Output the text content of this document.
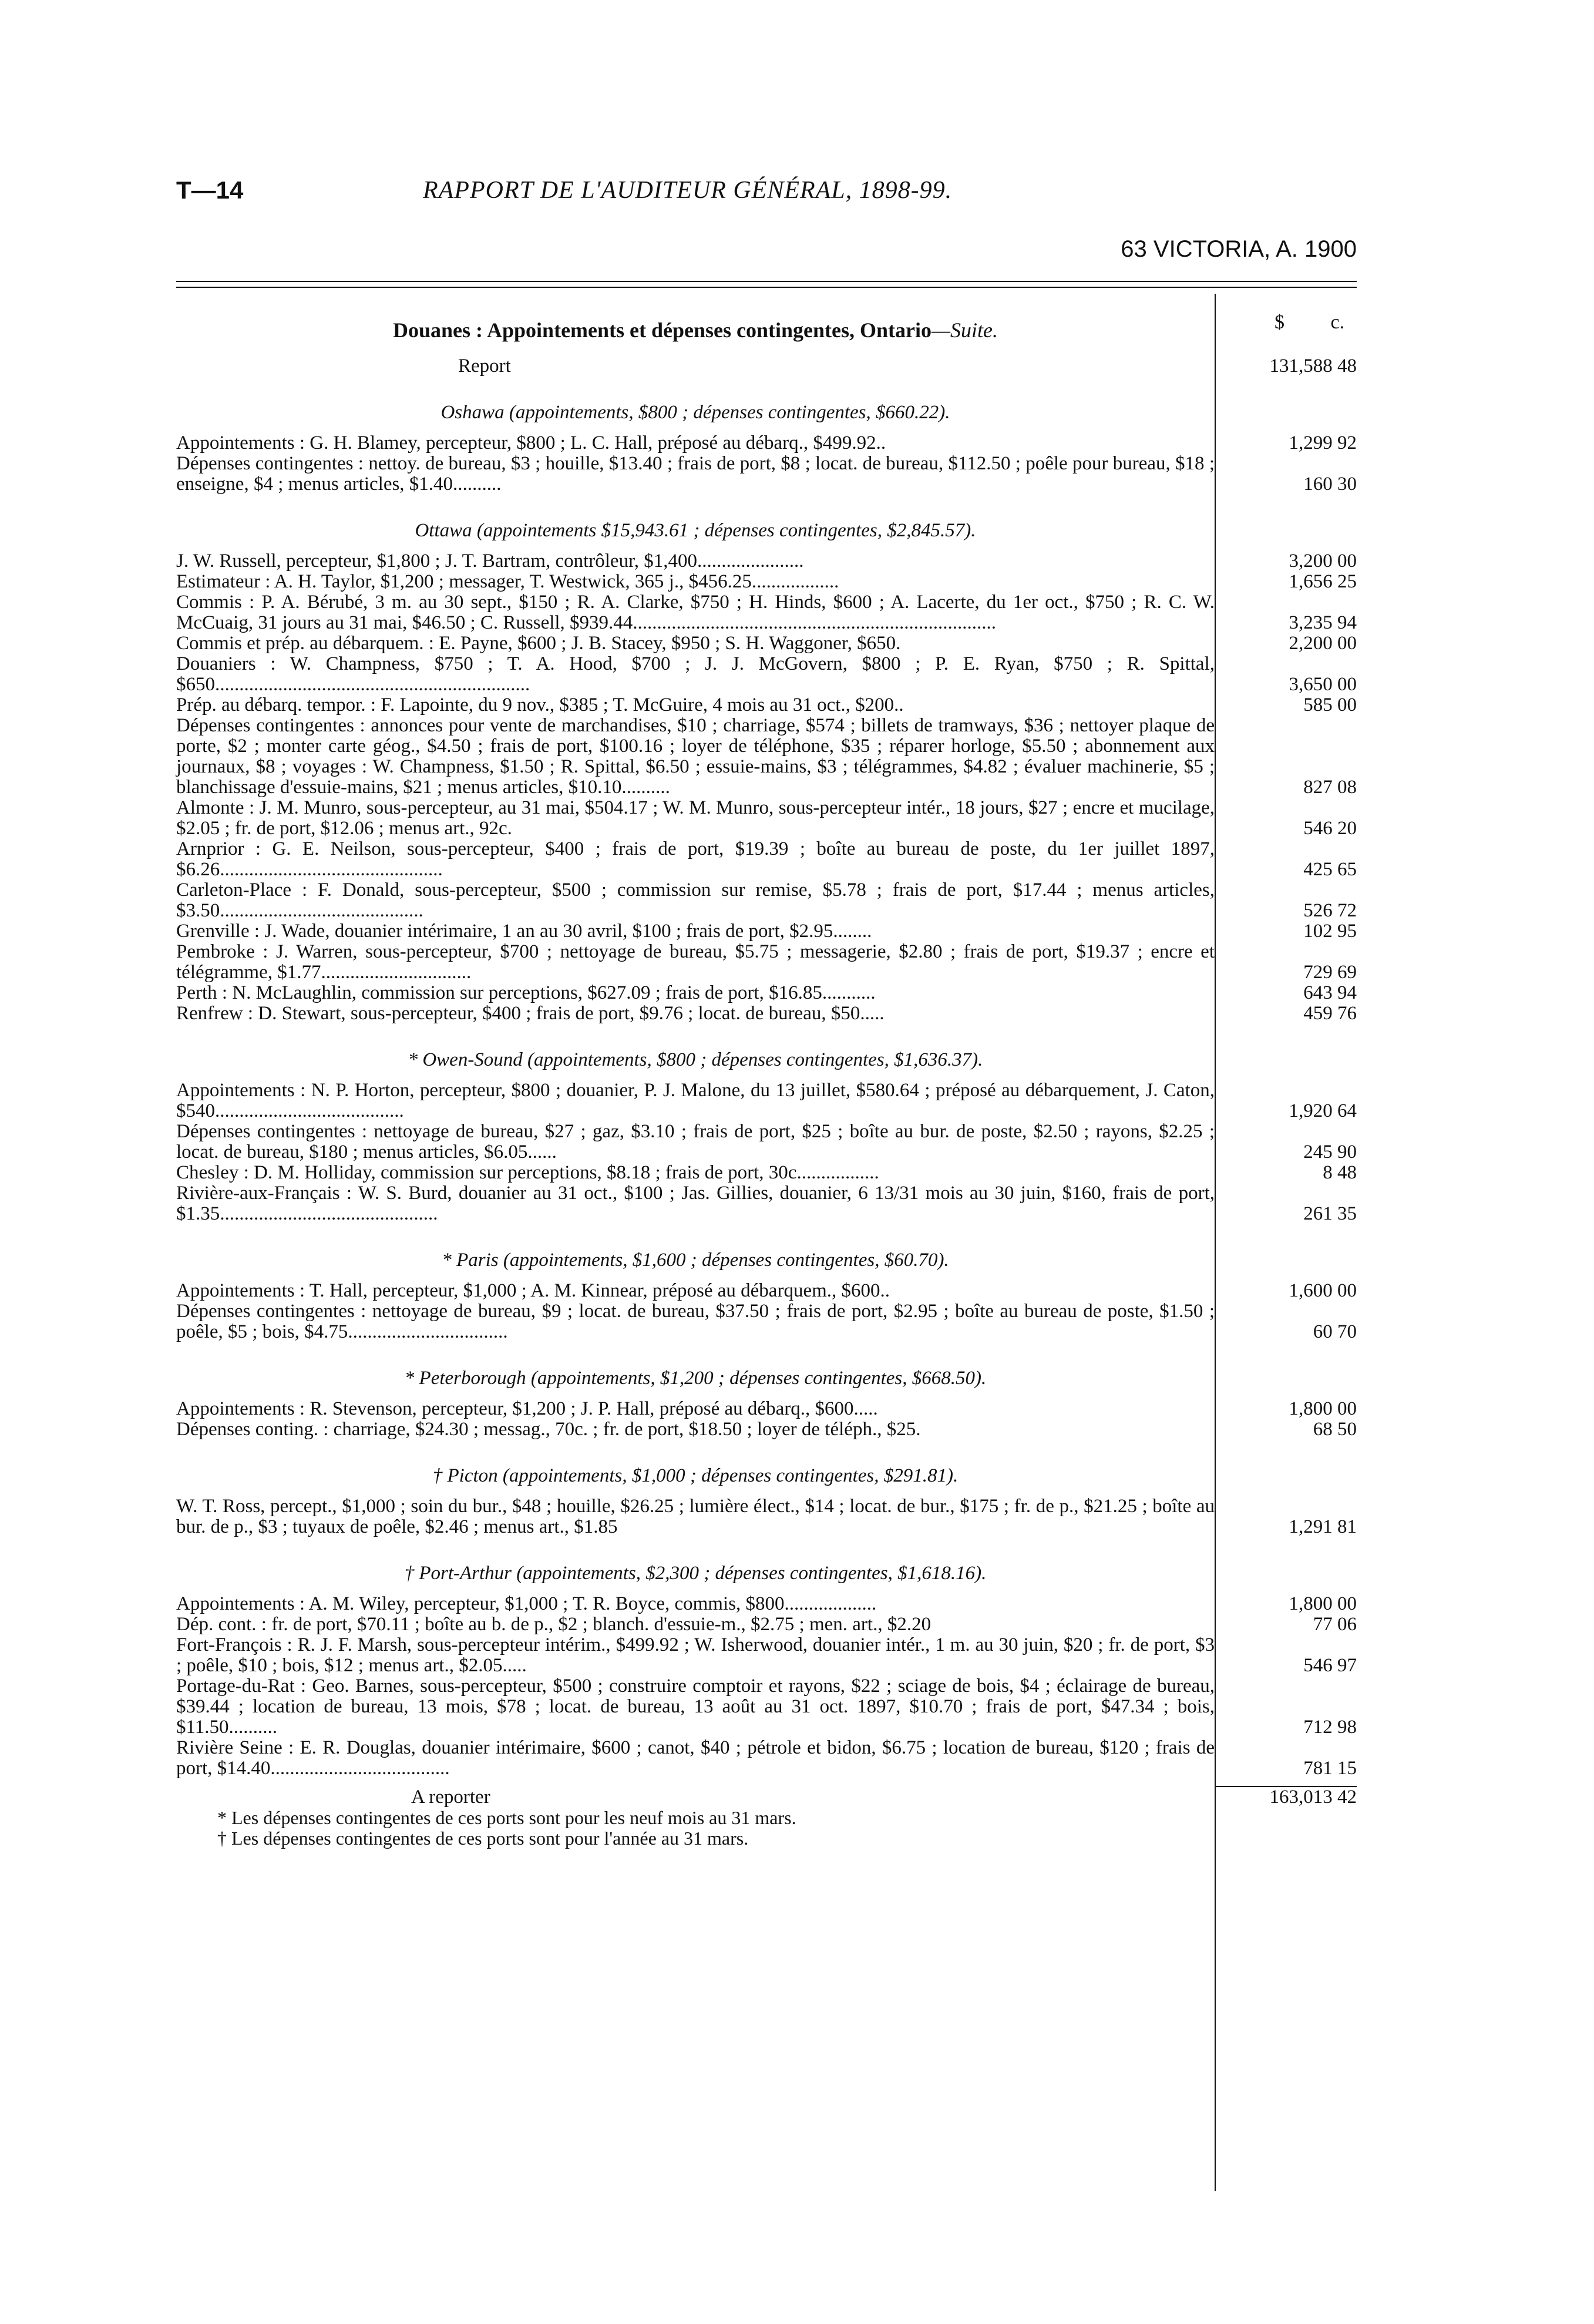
T—14	RAPPORT DE L'AUDITEUR GÉNÉRAL, 1898-99.
63 VICTORIA, A. 1900
$ c.
Douanes : Appointements et dépenses contingentes, Ontario—Suite.
Report	131,588 48
Oshawa (appointements, $800 ; dépenses contingentes, $660.22).
Appointements : G. H. Blamey, percepteur, $800 ; L. C. Hall, préposé au débarq., $499.92..	1,299 92
Dépenses contingentes : nettoy. de bureau, $3 ; houille, $13.40 ; frais de port, $8 ; locat. de bureau, $112.50 ; poêle pour bureau, $18 ; enseigne, $4 ; menus articles, $1.40..........	160 30
Ottawa (appointements $15,943.61 ; dépenses contingentes, $2,845.57).
J. W. Russell, percepteur, $1,800 ; J. T. Bartram, contrôleur, $1,400......................	3,200 00
Estimateur : A. H. Taylor, $1,200 ; messager, T. Westwick, 365 j., $456.25..................	1,656 25
Commis : P. A. Bérubé, 3 m. au 30 sept., $150 ; R. A. Clarke, $750 ; H. Hinds, $600 ; A. Lacerte, du 1er oct., $750 ; R. C. W. McCuaig, 31 jours au 31 mai, $46.50 ; C. Russell, $939.44...........................................................................	3,235 94
Commis et prép. au débarquem. : E. Payne, $600 ; J. B. Stacey, $950 ; S. H. Waggoner, $650.	2,200 00
Douaniers : W. Champness, $750 ; T. A. Hood, $700 ; J. J. McGovern, $800 ; P. E. Ryan, $750 ; R. Spittal, $650.................................................................	3,650 00
Prép. au débarq. tempor. : F. Lapointe, du 9 nov., $385 ; T. McGuire, 4 mois au 31 oct., $200..	585 00
Dépenses contingentes : annonces pour vente de marchandises, $10 ; charriage, $574 ; billets de tramways, $36 ; nettoyer plaque de porte, $2 ; monter carte géog., $4.50 ; frais de port, $100.16 ; loyer de téléphone, $35 ; réparer horloge, $5.50 ; abonnement aux journaux, $8 ; voyages : W. Champness, $1.50 ; R. Spittal, $6.50 ; essuie-mains, $3 ; télégrammes, $4.82 ; évaluer machinerie, $5 ; blanchissage d'essuie-mains, $21 ; menus articles, $10.10..........	827 08
Almonte : J. M. Munro, sous-percepteur, au 31 mai, $504.17 ; W. M. Munro, sous-percepteur intér., 18 jours, $27 ; encre et mucilage, $2.05 ; fr. de port, $12.06 ; menus art., 92c.	546 20
Arnprior : G. E. Neilson, sous-percepteur, $400 ; frais de port, $19.39 ; boîte au bureau de poste, du 1er juillet 1897, $6.26..............................................	425 65
Carleton-Place : F. Donald, sous-percepteur, $500 ; commission sur remise, $5.78 ; frais de port, $17.44 ; menus articles, $3.50..........................................	526 72
Grenville : J. Wade, douanier intérimaire, 1 an au 30 avril, $100 ; frais de port, $2.95........	102 95
Pembroke : J. Warren, sous-percepteur, $700 ; nettoyage de bureau, $5.75 ; messagerie, $2.80 ; frais de port, $19.37 ; encre et télégramme, $1.77...............................	729 69
Perth : N. McLaughlin, commission sur perceptions, $627.09 ; frais de port, $16.85...........	643 94
Renfrew : D. Stewart, sous-percepteur, $400 ; frais de port, $9.76 ; locat. de bureau, $50.....	459 76
* Owen-Sound (appointements, $800 ; dépenses contingentes, $1,636.37).
Appointements : N. P. Horton, percepteur, $800 ; douanier, P. J. Malone, du 13 juillet, $580.64 ; préposé au débarquement, J. Caton, $540.......................................	1,920 64
Dépenses contingentes : nettoyage de bureau, $27 ; gaz, $3.10 ; frais de port, $25 ; boîte au bur. de poste, $2.50 ; rayons, $2.25 ; locat. de bureau, $180 ; menus articles, $6.05......	245 90
Chesley : D. M. Holliday, commission sur perceptions, $8.18 ; frais de port, 30c.................	8 48
Rivière-aux-Français : W. S. Burd, douanier au 31 oct., $100 ; Jas. Gillies, douanier, 6 13/31 mois au 30 juin, $160, frais de port, $1.35.............................................	261 35
* Paris (appointements, $1,600 ; dépenses contingentes, $60.70).
Appointements : T. Hall, percepteur, $1,000 ; A. M. Kinnear, préposé au débarquem., $600..	1,600 00
Dépenses contingentes : nettoyage de bureau, $9 ; locat. de bureau, $37.50 ; frais de port, $2.95 ; boîte au bureau de poste, $1.50 ; poêle, $5 ; bois, $4.75.................................	60 70
* Peterborough (appointements, $1,200 ; dépenses contingentes, $668.50).
Appointements : R. Stevenson, percepteur, $1,200 ; J. P. Hall, préposé au débarq., $600.....	1,800 00
Dépenses conting. : charriage, $24.30 ; messag., 70c. ; fr. de port, $18.50 ; loyer de téléph., $25.	68 50
† Picton (appointements, $1,000 ; dépenses contingentes, $291.81).
W. T. Ross, percept., $1,000 ; soin du bur., $48 ; houille, $26.25 ; lumière élect., $14 ; locat. de bur., $175 ; fr. de p., $21.25 ; boîte au bur. de p., $3 ; tuyaux de poêle, $2.46 ; menus art., $1.85	1,291 81
† Port-Arthur (appointements, $2,300 ; dépenses contingentes, $1,618.16).
Appointements : A. M. Wiley, percepteur, $1,000 ; T. R. Boyce, commis, $800...................	1,800 00
Dép. cont. : fr. de port, $70.11 ; boîte au b. de p., $2 ; blanch. d'essuie-m., $2.75 ; men. art., $2.20	77 06
Fort-François : R. J. F. Marsh, sous-percepteur intérim., $499.92 ; W. Isherwood, douanier intér., 1 m. au 30 juin, $20 ; fr. de port, $3 ; poêle, $10 ; bois, $12 ; menus art., $2.05.....	546 97
Portage-du-Rat : Geo. Barnes, sous-percepteur, $500 ; construire comptoir et rayons, $22 ; sciage de bois, $4 ; éclairage de bureau, $39.44 ; location de bureau, 13 mois, $78 ; locat. de bureau, 13 août au 31 oct. 1897, $10.70 ; frais de port, $47.34 ; bois, $11.50..........	712 98
Rivière Seine : E. R. Douglas, douanier intérimaire, $600 ; canot, $40 ; pétrole et bidon, $6.75 ; location de bureau, $120 ; frais de port, $14.40.....................................	781 15
A reporter	163,013 42
* Les dépenses contingentes de ces ports sont pour les neuf mois au 31 mars.
† Les dépenses contingentes de ces ports sont pour l'année au 31 mars.
